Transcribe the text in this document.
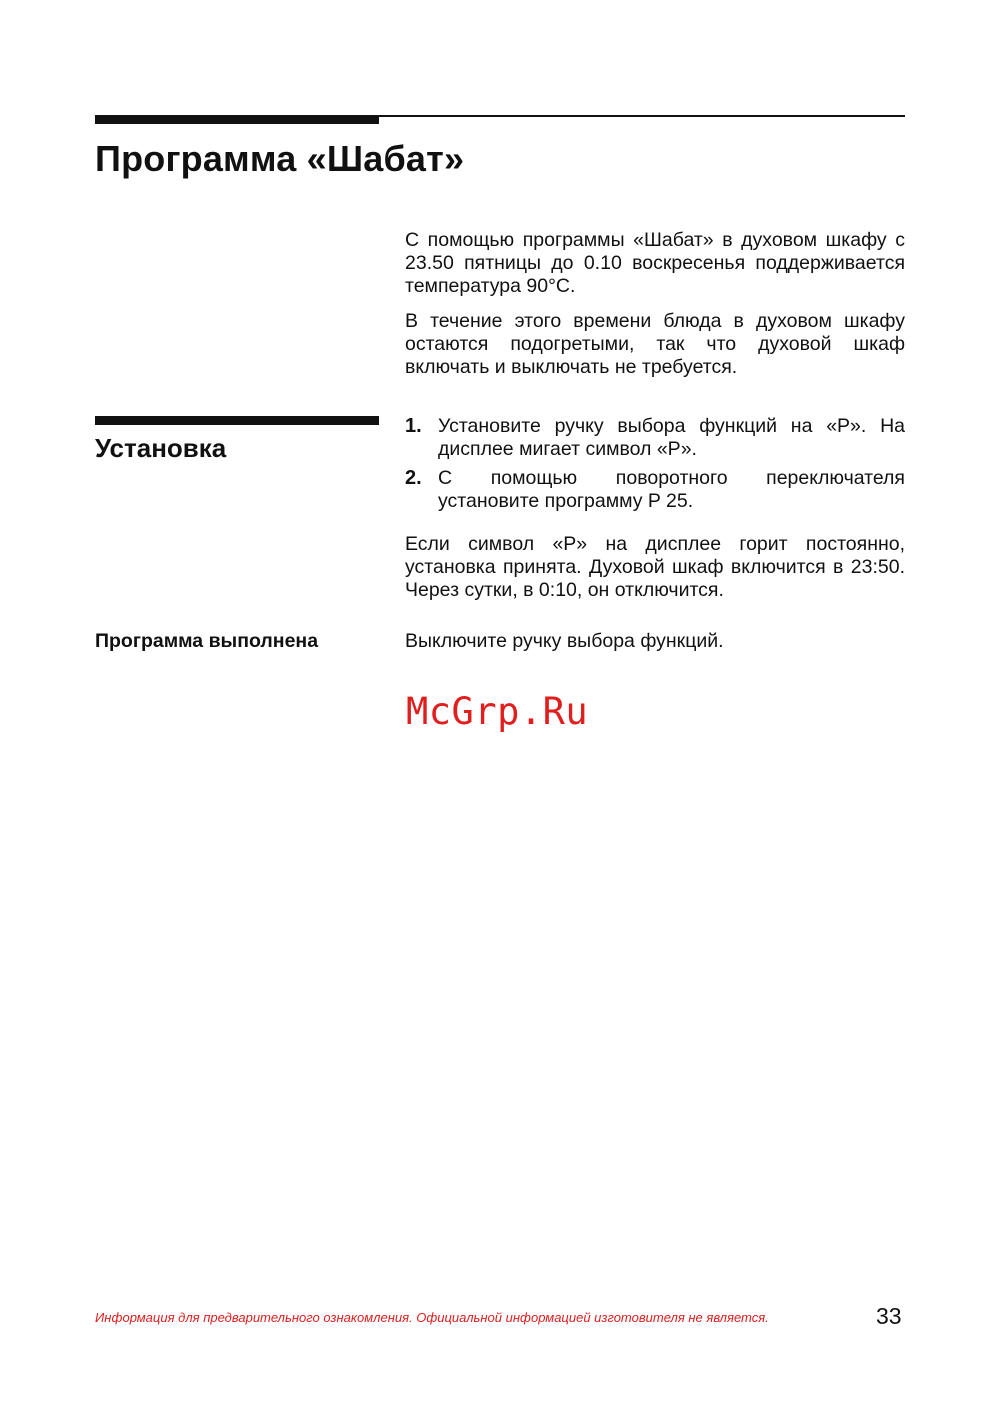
Программа «Шабат»

С помощью программы «Шабат» в духовом шкафу с 23.50 пятницы до 0.10 воскресенья поддерживается температура 90°C.

В течение этого времени блюда в духовом шкафу остаются подогретыми, так что духовой шкаф включать и выключать не требуется.

Установка
1. Установите ручку выбора функций на «P». На дисплее мигает символ «P».
2. С помощью поворотного переключателя установите программу P 25.

Если символ «P» на дисплее горит постоянно, установка принята. Духовой шкаф включится в 23:50. Через сутки, в 0:10, он отключится.

Программа выполнена	Выключите ручку выбора функций.

McGrp.Ru
Информация для предварительного ознакомления. Официальной информацией изготовителя не является.	33
